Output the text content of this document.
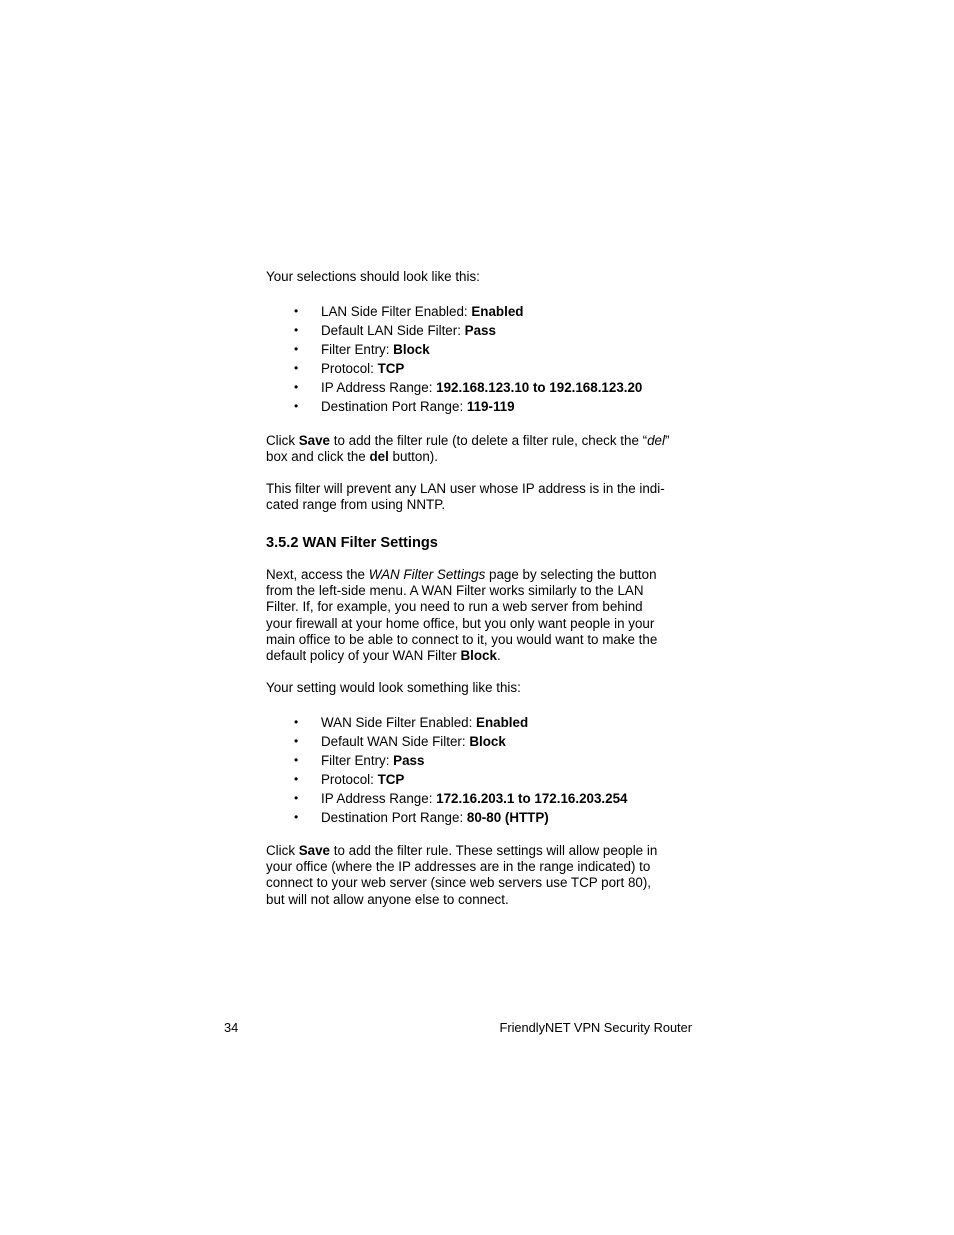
Your selections should look like this:

• LAN Side Filter Enabled: Enabled
• Default LAN Side Filter: Pass
• Filter Entry: Block
• Protocol: TCP
• IP Address Range: 192.168.123.10 to 192.168.123.20
• Destination Port Range: 119-119

Click Save to add the filter rule (to delete a filter rule, check the “del”
box and click the del button).

This filter will prevent any LAN user whose IP address is in the indi-
cated range from using NNTP.

3.5.2 WAN Filter Settings

Next, access the WAN Filter Settings page by selecting the button
from the left-side menu. A WAN Filter works similarly to the LAN
Filter. If, for example, you need to run a web server from behind
your firewall at your home office, but you only want people in your
main office to be able to connect to it, you would want to make the
default policy of your WAN Filter Block.

Your setting would look something like this:

• WAN Side Filter Enabled: Enabled
• Default WAN Side Filter: Block
• Filter Entry: Pass
• Protocol: TCP
• IP Address Range: 172.16.203.1 to 172.16.203.254
• Destination Port Range: 80-80 (HTTP)

Click Save to add the filter rule. These settings will allow people in
your office (where the IP addresses are in the range indicated) to
connect to your web server (since web servers use TCP port 80),
but will not allow anyone else to connect.

34	FriendlyNET VPN Security Router
